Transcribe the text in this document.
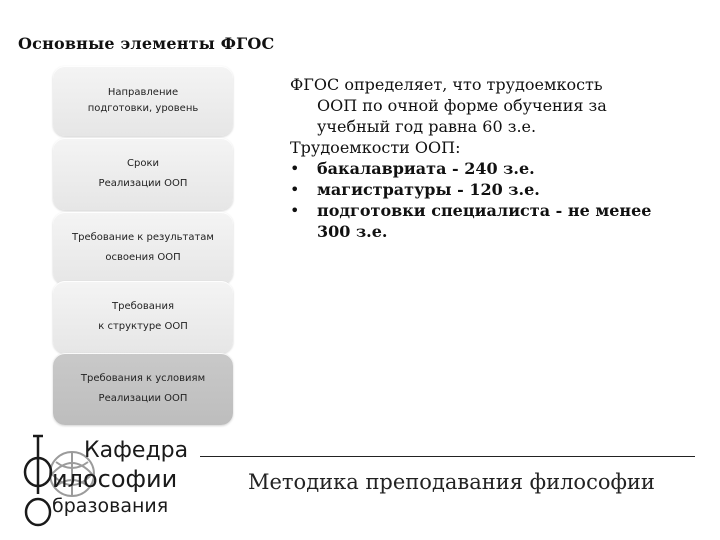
Основные элементы ФГОС
Направление
подготовки, уровень
Сроки
Реализации ООП
Требование к результатам
освоения ООП
Требования
к структуре ООП
Требования к условиям
Реализации ООП

ФГОС определяет, что трудоемкость

ООП по очной форме обучения за

учебный год равна 60 з.е.

Трудоемкости ООП:

• бакалавриата - 240 з.е.
• магистратуры - 120 з.е.
• подготовки специалиста - не менее 300 з.е.
Кафедра
илософии
бразования
Методика преподавания философии
